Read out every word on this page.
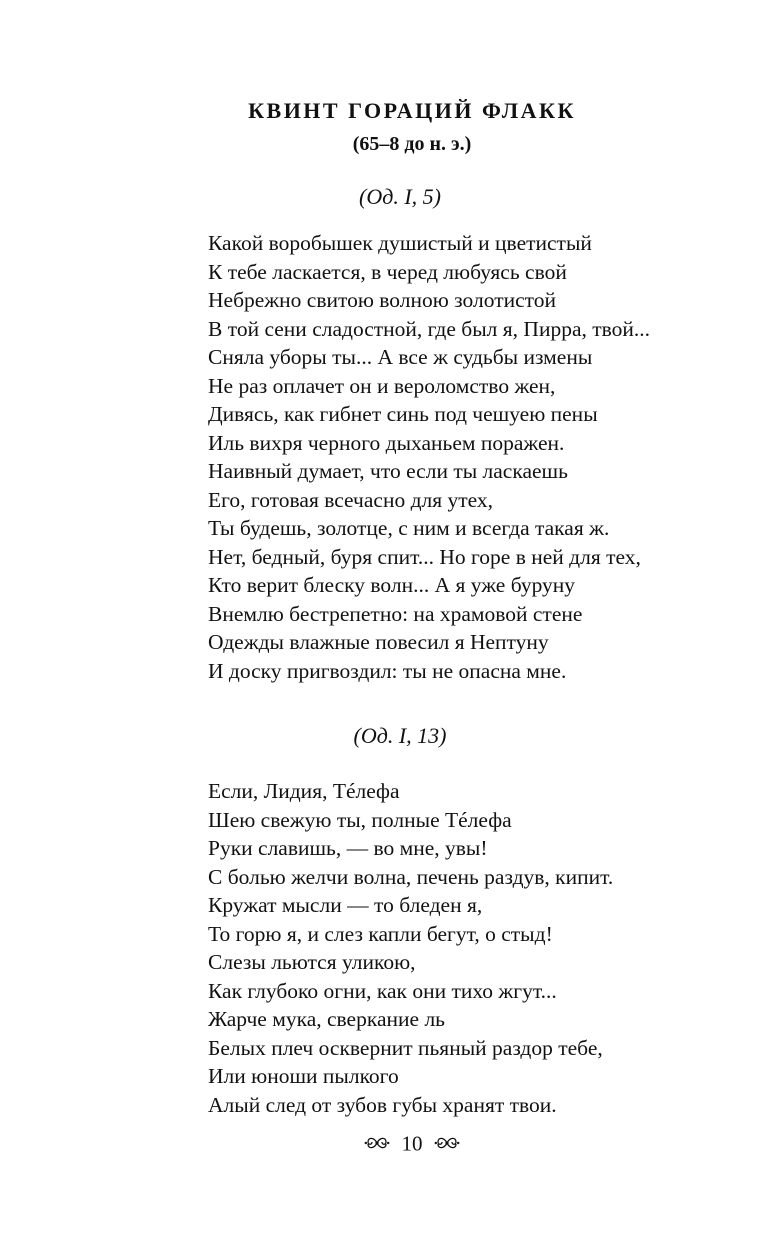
КВИНТ ГОРАЦИЙ ФЛАКК
(65–8 до н. э.)
(Од. I, 5)
Какой воробышек душистый и цветистый
К тебе ласкается, в черед любуясь свой
Небрежно свитою волною золотистой
В той сени сладостной, где был я, Пирра, твой...
Сняла уборы ты... А все ж судьбы измены
Не раз оплачет он и вероломство жен,
Дивясь, как гибнет синь под чешуею пены
Иль вихря черного дыханьем поражен.
Наивный думает, что если ты ласкаешь
Его, готовая всечасно для утех,
Ты будешь, золотце, с ним и всегда такая ж.
Нет, бедный, буря спит... Но горе в ней для тех,
Кто верит блеску волн... А я уже буруну
Внемлю бестрепетно: на храмовой стене
Одежды влажные повесил я Нептуну
И доску пригвоздил: ты не опасна мне.
(Од. I, 13)
Если, Лидия, Тéлефа
Шею свежую ты, полные Тéлефа
Руки славишь, — во мне, увы!
С болью желчи волна, печень раздув, кипит.
Кружат мысли — то бледен я,
То горю я, и слез капли бегут, о стыд!
Слезы льются уликою,
Как глубоко огни, как они тихо жгут...
Жарче мука, сверкание ль
Белых плеч осквернит пьяный раздор тебе,
Или юноши пылкого
Алый след от зубов губы хранят твои.
10
